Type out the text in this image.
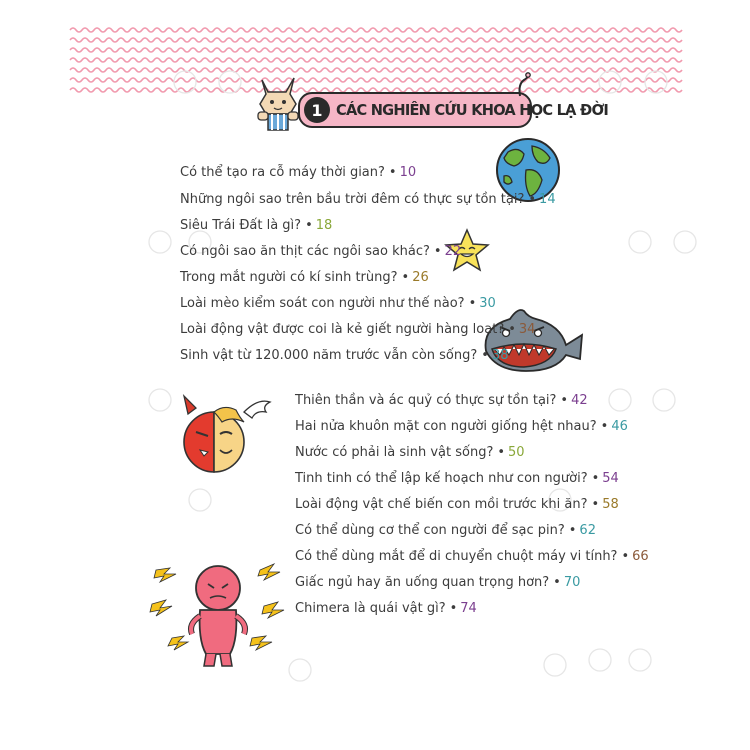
1 CÁC NGHIÊN CỨU KHOA HỌC LẠ ĐỜI
Có thể tạo ra cỗ máy thời gian? • 10
Những ngôi sao trên bầu trời đêm có thực sự tồn tại? • 14
Siêu Trái Đất là gì? • 18
Có ngôi sao ăn thịt các ngôi sao khác? • 22
Trong mắt người có kí sinh trùng? • 26
Loài mèo kiểm soát con người như thế nào? • 30
Loài động vật được coi là kẻ giết người hàng loạt? • 34
Sinh vật từ 120.000 năm trước vẫn còn sống? • 38
Thiên thần và ác quỷ có thực sự tồn tại? • 42
Hai nửa khuôn mặt con người giống hệt nhau? • 46
Nước có phải là sinh vật sống? • 50
Tinh tinh có thể lập kế hoạch như con người? • 54
Loài động vật chế biến con mồi trước khi ăn? • 58
Có thể dùng cơ thể con người để sạc pin? • 62
Có thể dùng mắt để di chuyển chuột máy vi tính? • 66
Giấc ngủ hay ăn uống quan trọng hơn? • 70
Chimera là quái vật gì? • 74
